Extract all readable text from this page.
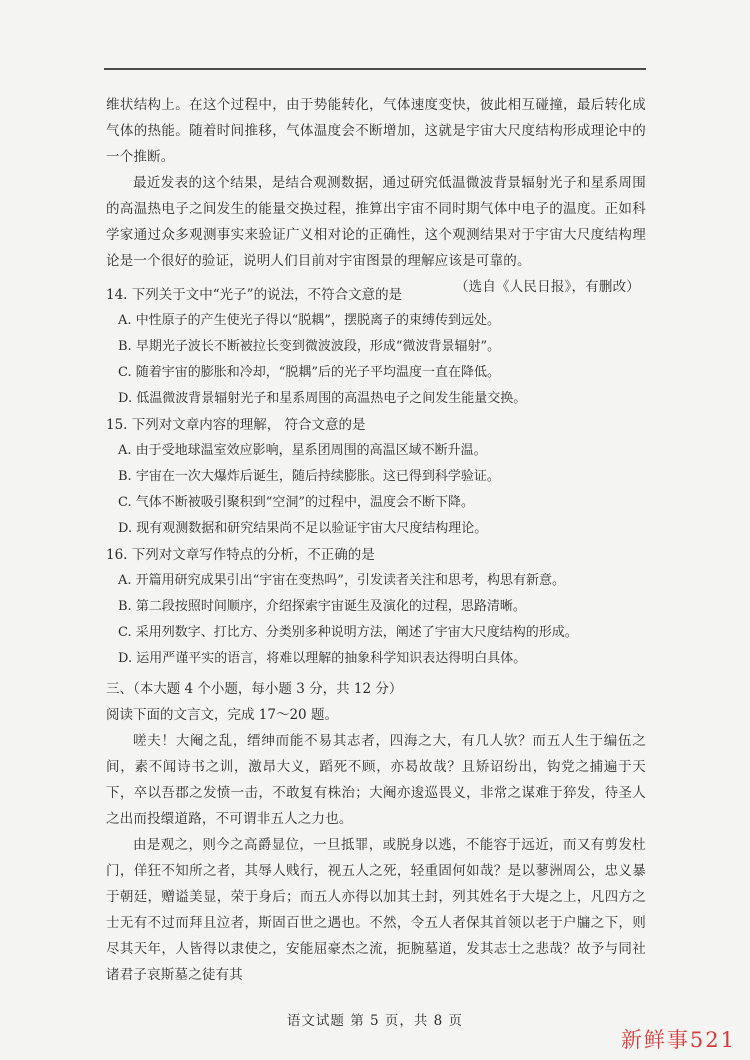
维状结构上。在这个过程中，由于势能转化，气体速度变快，彼此相互碰撞，最后转化成气体的热能。随着时间推移，气体温度会不断增加，这就是宇宙大尺度结构形成理论中的一个推断。

最近发表的这个结果，是结合观测数据，通过研究低温微波背景辐射光子和星系周围的高温热电子之间发生的能量交换过程，推算出宇宙不同时期气体中电子的温度。正如科学家通过众多观测事实来验证广义相对论的正确性，这个观测结果对于宇宙大尺度结构理论是一个很好的验证，说明人们目前对宇宙图景的理解应该是可靠的。

（选自《人民日报》，有删改）

14. 下列关于文中“光子”的说法，不符合文意的是

A. 中性原子的产生使光子得以“脱耦”，摆脱离子的束缚传到远处。

B. 早期光子波长不断被拉长变到微波波段，形成“微波背景辐射”。

C. 随着宇宙的膨胀和冷却，“脱耦”后的光子平均温度一直在降低。

D. 低温微波背景辐射光子和星系周围的高温热电子之间发生能量交换。

15. 下列对文章内容的理解， 符合文意的是

A. 由于受地球温室效应影响，星系团周围的高温区域不断升温。

B. 宇宙在一次大爆炸后诞生，随后持续膨胀。这已得到科学验证。

C. 气体不断被吸引聚积到“空洞”的过程中，温度会不断下降。

D. 现有观测数据和研究结果尚不足以验证宇宙大尺度结构理论。

16. 下列对文章写作特点的分析，不正确的是

A. 开篇用研究成果引出“宇宙在变热吗”，引发读者关注和思考，构思有新意。

B. 第二段按照时间顺序，介绍探索宇宙诞生及演化的过程，思路清晰。

C. 采用列数字、打比方、分类别多种说明方法，阐述了宇宙大尺度结构的形成。

D. 运用严谨平实的语言，将难以理解的抽象科学知识表达得明白具体。

三、（本大题 4 个小题，每小题 3 分，共 12 分）

阅读下面的文言文，完成 17～20 题。

嗟夫！大阉之乱，缙绅而能不易其志者，四海之大，有几人欤？而五人生于编伍之间，素不闻诗书之训，激昂大义，蹈死不顾，亦曷故哉？且矫诏纷出，钩党之捕遍于天下，卒以吾郡之发愤一击，不敢复有株治；大阉亦逡巡畏义，非常之谋难于猝发，待圣人之出而投缳道路，不可谓非五人之力也。

由是观之，则今之高爵显位，一旦抵罪，或脱身以逃，不能容于远近，而又有剪发杜门，佯狂不知所之者，其辱人贱行，视五人之死，轻重固何如哉？是以蓼洲周公，忠义暴于朝廷，赠谥美显，荣于身后；而五人亦得以加其土封，列其姓名于大堤之上，凡四方之士无有不过而拜且泣者，斯固百世之遇也。不然，令五人者保其首领以老于户牖之下，则尽其天年，人皆得以隶使之，安能屈豪杰之流，扼腕墓道，发其志士之悲哉？故予与同社诸君子哀斯墓之徒有其

语文试题 第 5 页，共 8 页
新鲜事521
